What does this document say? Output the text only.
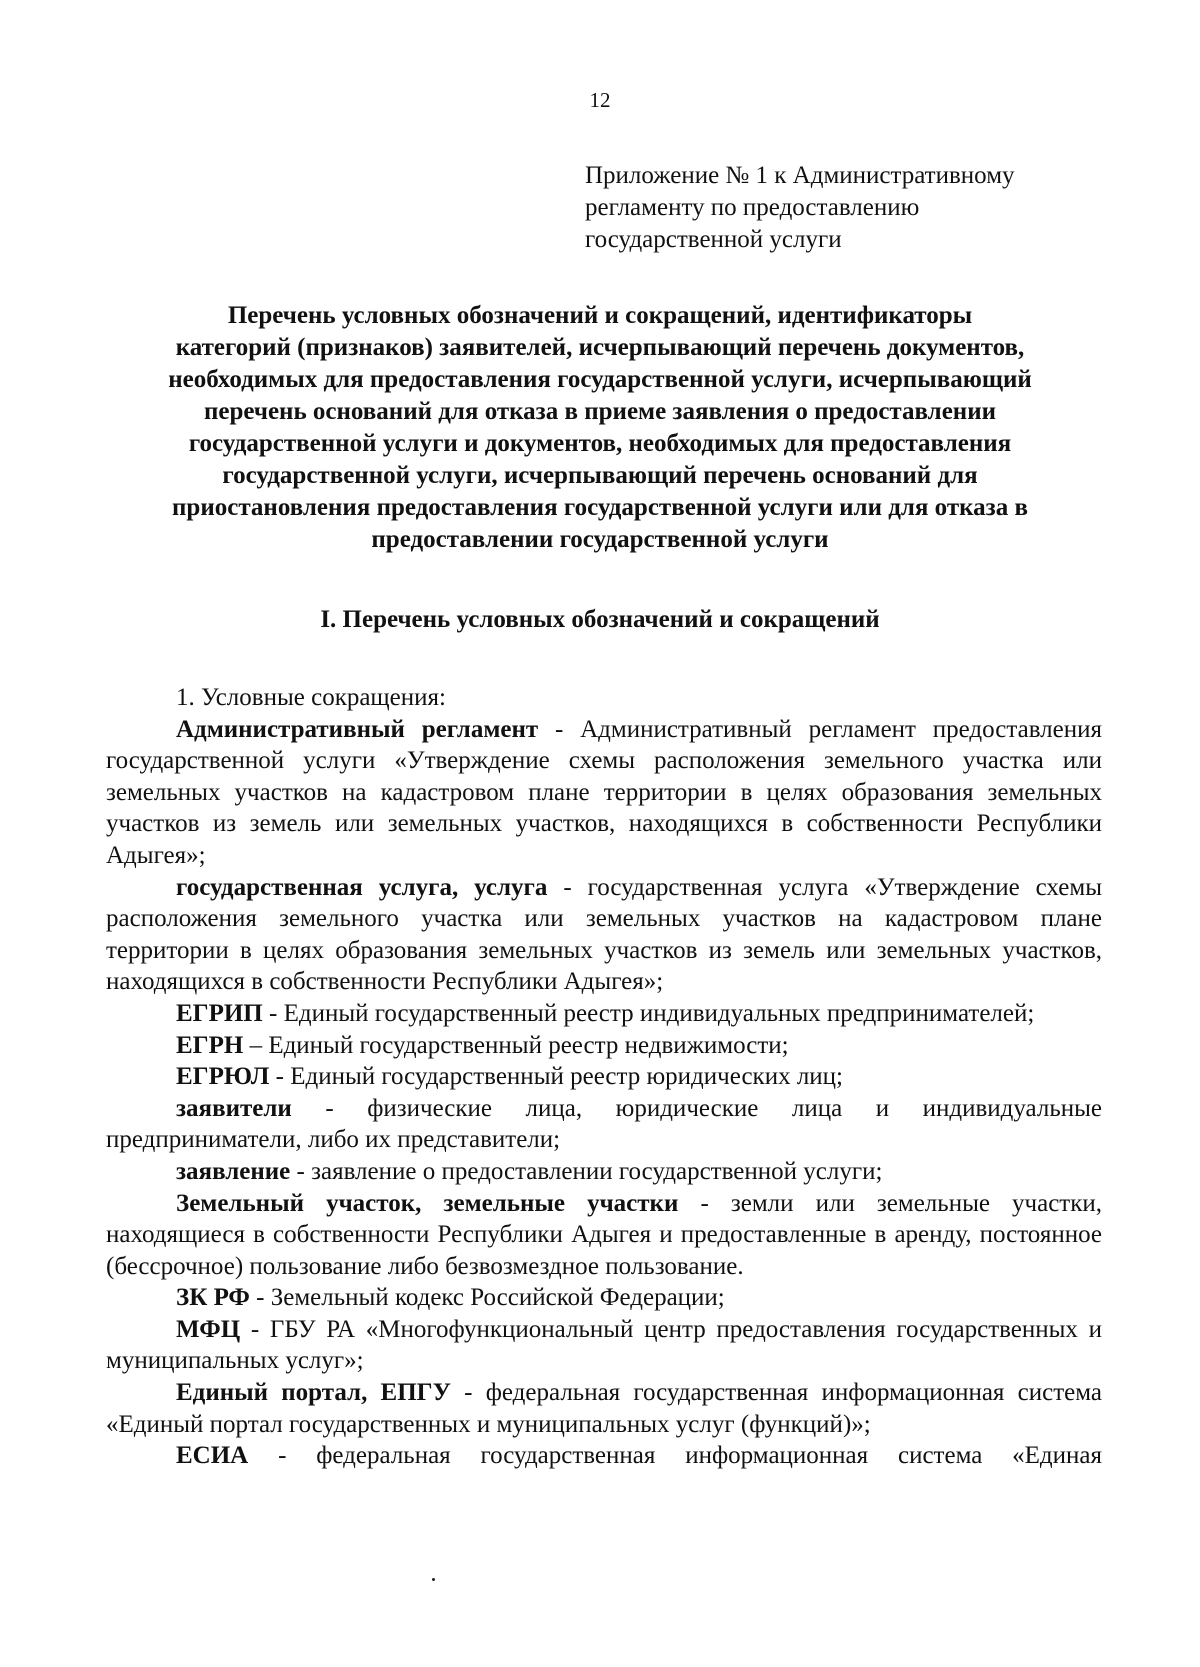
12
Приложение № 1 к Административному
регламенту по предоставлению
государственной услуги
Перечень условных обозначений и сокращений, идентификаторы
категорий (признаков) заявителей, исчерпывающий перечень документов,
необходимых для предоставления государственной услуги, исчерпывающий
перечень оснований для отказа в приеме заявления о предоставлении
государственной услуги и документов, необходимых для предоставления
государственной услуги, исчерпывающий перечень оснований для
приостановления предоставления государственной услуги или для отказа в
предоставлении государственной услуги
I. Перечень условных обозначений и сокращений

1. Условные сокращения:

Административный регламент - Административный регламент предоставления государственной услуги «Утверждение схемы расположения земельного участка или земельных участков на кадастровом плане территории в целях образования земельных участков из земель или земельных участков, находящихся в собственности Республики Адыгея»;

государственная услуга, услуга - государственная услуга «Утверждение схемы расположения земельного участка или земельных участков на кадастровом плане территории в целях образования земельных участков из земель или земельных участков, находящихся в собственности Республики Адыгея»;

ЕГРИП - Единый государственный реестр индивидуальных предпринимателей;

ЕГРН – Единый государственный реестр недвижимости;

ЕГРЮЛ - Единый государственный реестр юридических лиц;

заявители - физические лица, юридические лица и индивидуальные предприниматели, либо их представители;

заявление - заявление о предоставлении государственной услуги;

Земельный участок, земельные участки - земли или земельные участки, находящиеся в собственности Республики Адыгея и предоставленные в аренду, постоянное (бессрочное) пользование либо безвозмездное пользование.

ЗК РФ - Земельный кодекс Российской Федерации;

МФЦ - ГБУ РА «Многофункциональный центр предоставления государственных и муниципальных услуг»;

Единый портал, ЕПГУ - федеральная государственная информационная система «Единый портал государственных и муниципальных услуг (функций)»;

ЕСИА - федеральная государственная информационная система «Единая
